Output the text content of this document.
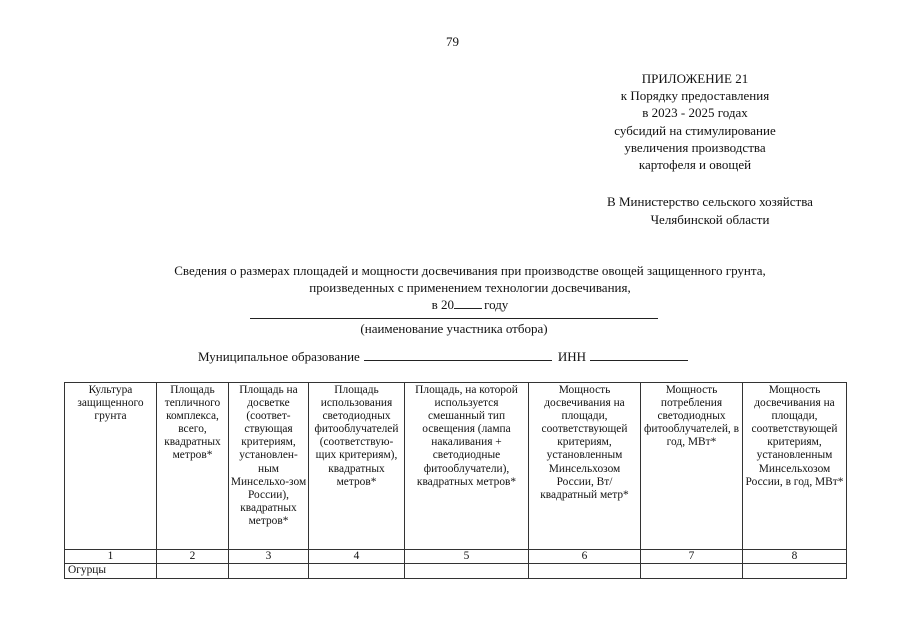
79
ПРИЛОЖЕНИЕ 21
к Порядку предоставления
в 2023 - 2025 годах
субсидий на стимулирование
увеличения производства
картофеля и овощей
В Министерство сельского хозяйства
Челябинской области
Сведения о размерах площадей и мощности досвечивания при производстве овощей защищенного грунта,
произведенных с применением технологии досвечивания,
в 20 году
(наименование участника отбора)
Муниципальное образование	ИНН
Культура защищенного грунта	Площадь тепличного комплекса, всего, квадратных метров*	Площадь на досветке (соответ-ствующая критериям, установлен-ным Минсельхо-зом России), квадратных метров*	Площадь использования светодиодных фитооблучателей (соответствую-щих критериям), квадратных метров*	Площадь, на которой используется смешанный тип освещения (лампа накаливания + светодиодные фитооблучатели), квадратных метров*	Мощность досвечивания на площади, соответствующей критериям, установленным Минсельхозом России, Вт/квадратный метр*	Мощность потребления светодиодных фитооблучателей, в год, МВт*	Мощность досвечивания на площади, соответствующей критериям, установленным Минсельхозом России, в год, МВт*
1	2	3	4	5	6	7	8
Огурцы							
